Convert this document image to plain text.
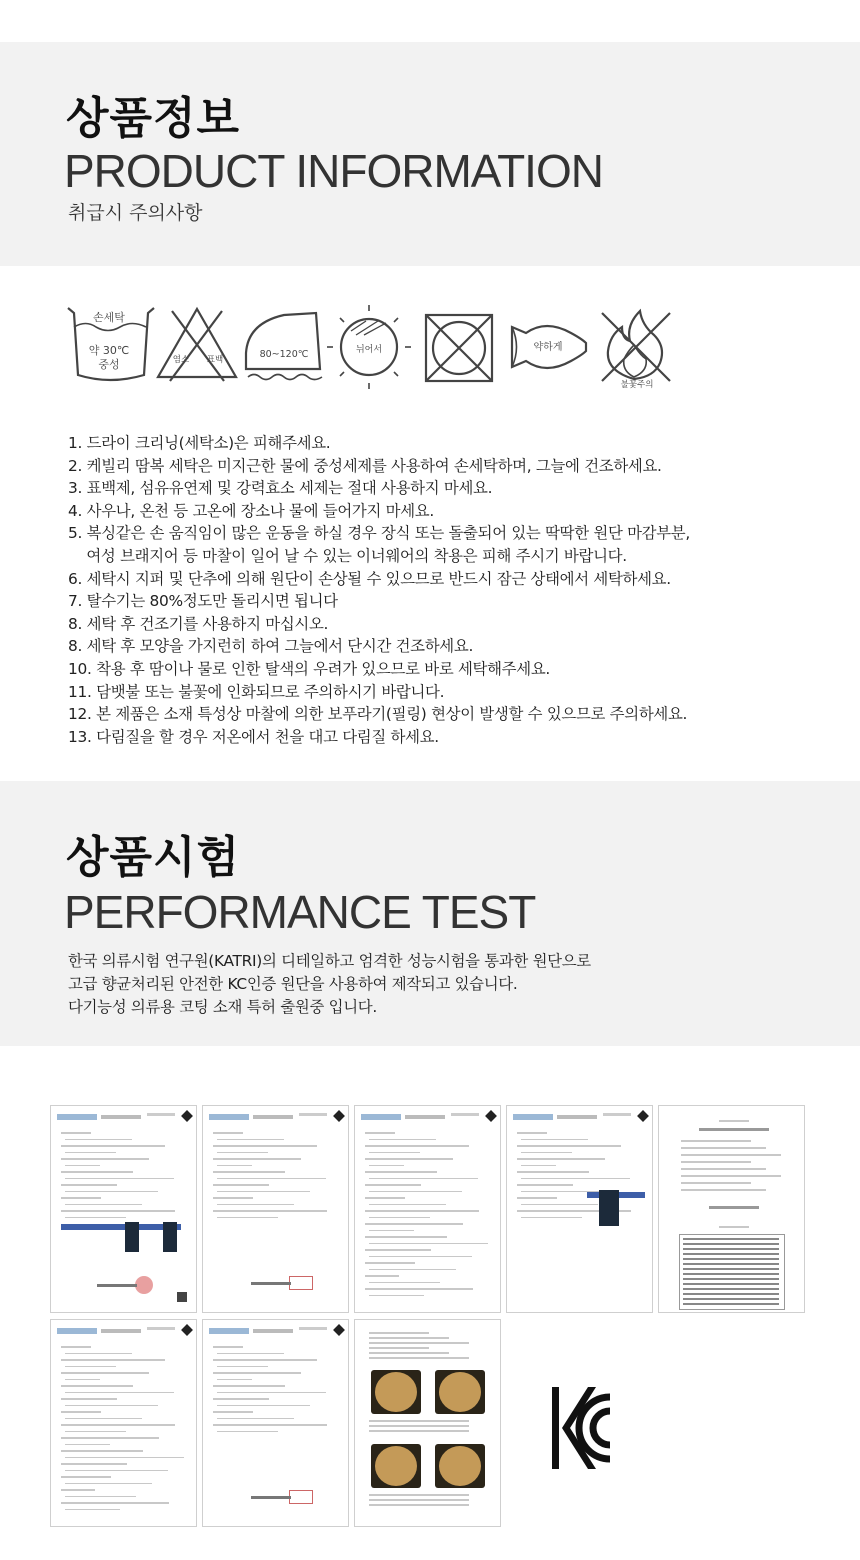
상품정보
PRODUCT INFORMATION
취급시 주의사항
손세탁
약 30℃
중성	염소 표백	80~120℃	뉘어서	약하게
불꽃주의
1. 드라이 크리닝(세탁소)은 피해주세요.
2. 케빌리 땀복 세탁은 미지근한 물에 중성세제를 사용하여 손세탁하며, 그늘에 건조하세요.
3. 표백제, 섬유유연제 및 강력효소 세제는 절대 사용하지 마세요.
4. 사우나, 온천 등 고온에 장소나 물에 들어가지 마세요.
5. 복싱같은 손 움직임이 많은 운동을 하실 경우 장식 또는 돌출되어 있는 딱딱한 원단 마감부분,
여성 브래지어 등 마찰이 일어 날 수 있는 이너웨어의 착용은 피해 주시기 바랍니다.
6. 세탁시 지퍼 및 단추에 의해 원단이 손상될 수 있으므로 반드시 잠근 상태에서 세탁하세요.
7. 탈수기는 80%정도만 돌리시면 됩니다
8. 세탁 후 건조기를 사용하지 마십시오.
8. 세탁 후 모양을 가지런히 하여 그늘에서 단시간 건조하세요.
10. 착용 후 땀이나 물로 인한 탈색의 우려가 있으므로 바로 세탁해주세요.
11. 담뱃불 또는 불꽃에 인화되므로 주의하시기 바랍니다.
12. 본 제품은 소재 특성상 마찰에 의한 보푸라기(필링) 현상이 발생할 수 있으므로 주의하세요.
13. 다림질을 할 경우 저온에서 천을 대고 다림질 하세요.
상품시험
PERFORMANCE TEST
한국 의류시험 연구원(KATRI)의 디테일하고 엄격한 성능시험을 통과한 원단으로
고급 향균처리된 안전한 KC인증 원단을 사용하여 제작되고 있습니다.
다기능성 의류용 코팅 소재 특허 출원중 입니다.
